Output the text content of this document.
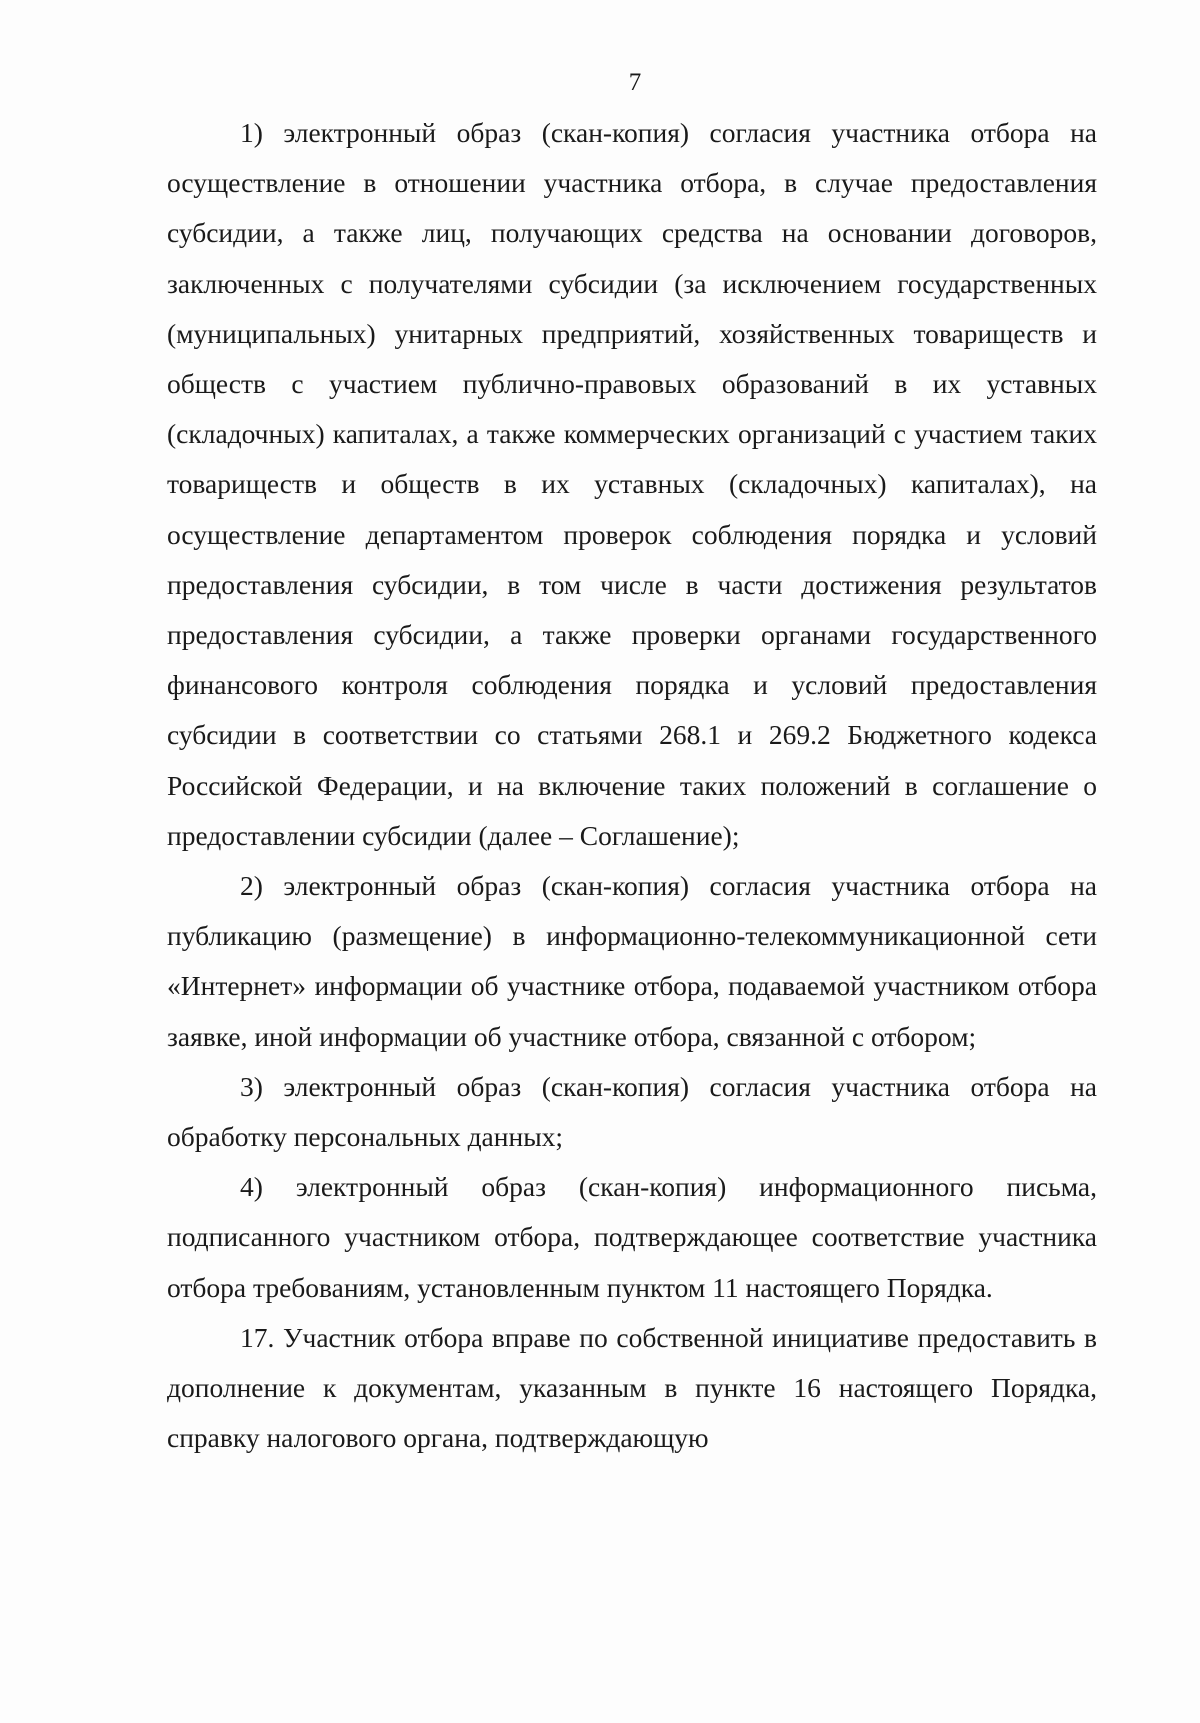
7

1) электронный образ (скан-копия) согласия участника отбора на осуществление в отношении участника отбора, в случае предоставления субсидии, а также лиц, получающих средства на основании договоров, заключенных с получателями субсидии (за исключением государственных (муниципальных) унитарных предприятий, хозяйственных товариществ и обществ с участием публично-правовых образований в их уставных (складочных) капиталах, а также коммерческих организаций с участием таких товариществ и обществ в их уставных (складочных) капиталах), на осуществление департаментом проверок соблюдения порядка и условий предоставления субсидии, в том числе в части достижения результатов предоставления субсидии, а также проверки органами государственного финансового контроля соблюдения порядка и условий предоставления субсидии в соответствии со статьями 268.1 и 269.2 Бюджетного кодекса Российской Федерации, и на включение таких положений в соглашение о предоставлении субсидии (далее – Соглашение);

2) электронный образ (скан-копия) согласия участника отбора на публикацию (размещение) в информационно-телекоммуникационной сети «Интернет» информации об участнике отбора, подаваемой участником отбора заявке, иной информации об участнике отбора, связанной с отбором;

3) электронный образ (скан-копия) согласия участника отбора на обработку персональных данных;

4) электронный образ (скан-копия) информационного письма, подписанного участником отбора, подтверждающее соответствие участника отбора требованиям, установленным пунктом 11 настоящего Порядка.

17. Участник отбора вправе по собственной инициативе предоставить в дополнение к документам, указанным в пункте 16 настоящего Порядка, справку налогового органа, подтверждающую
